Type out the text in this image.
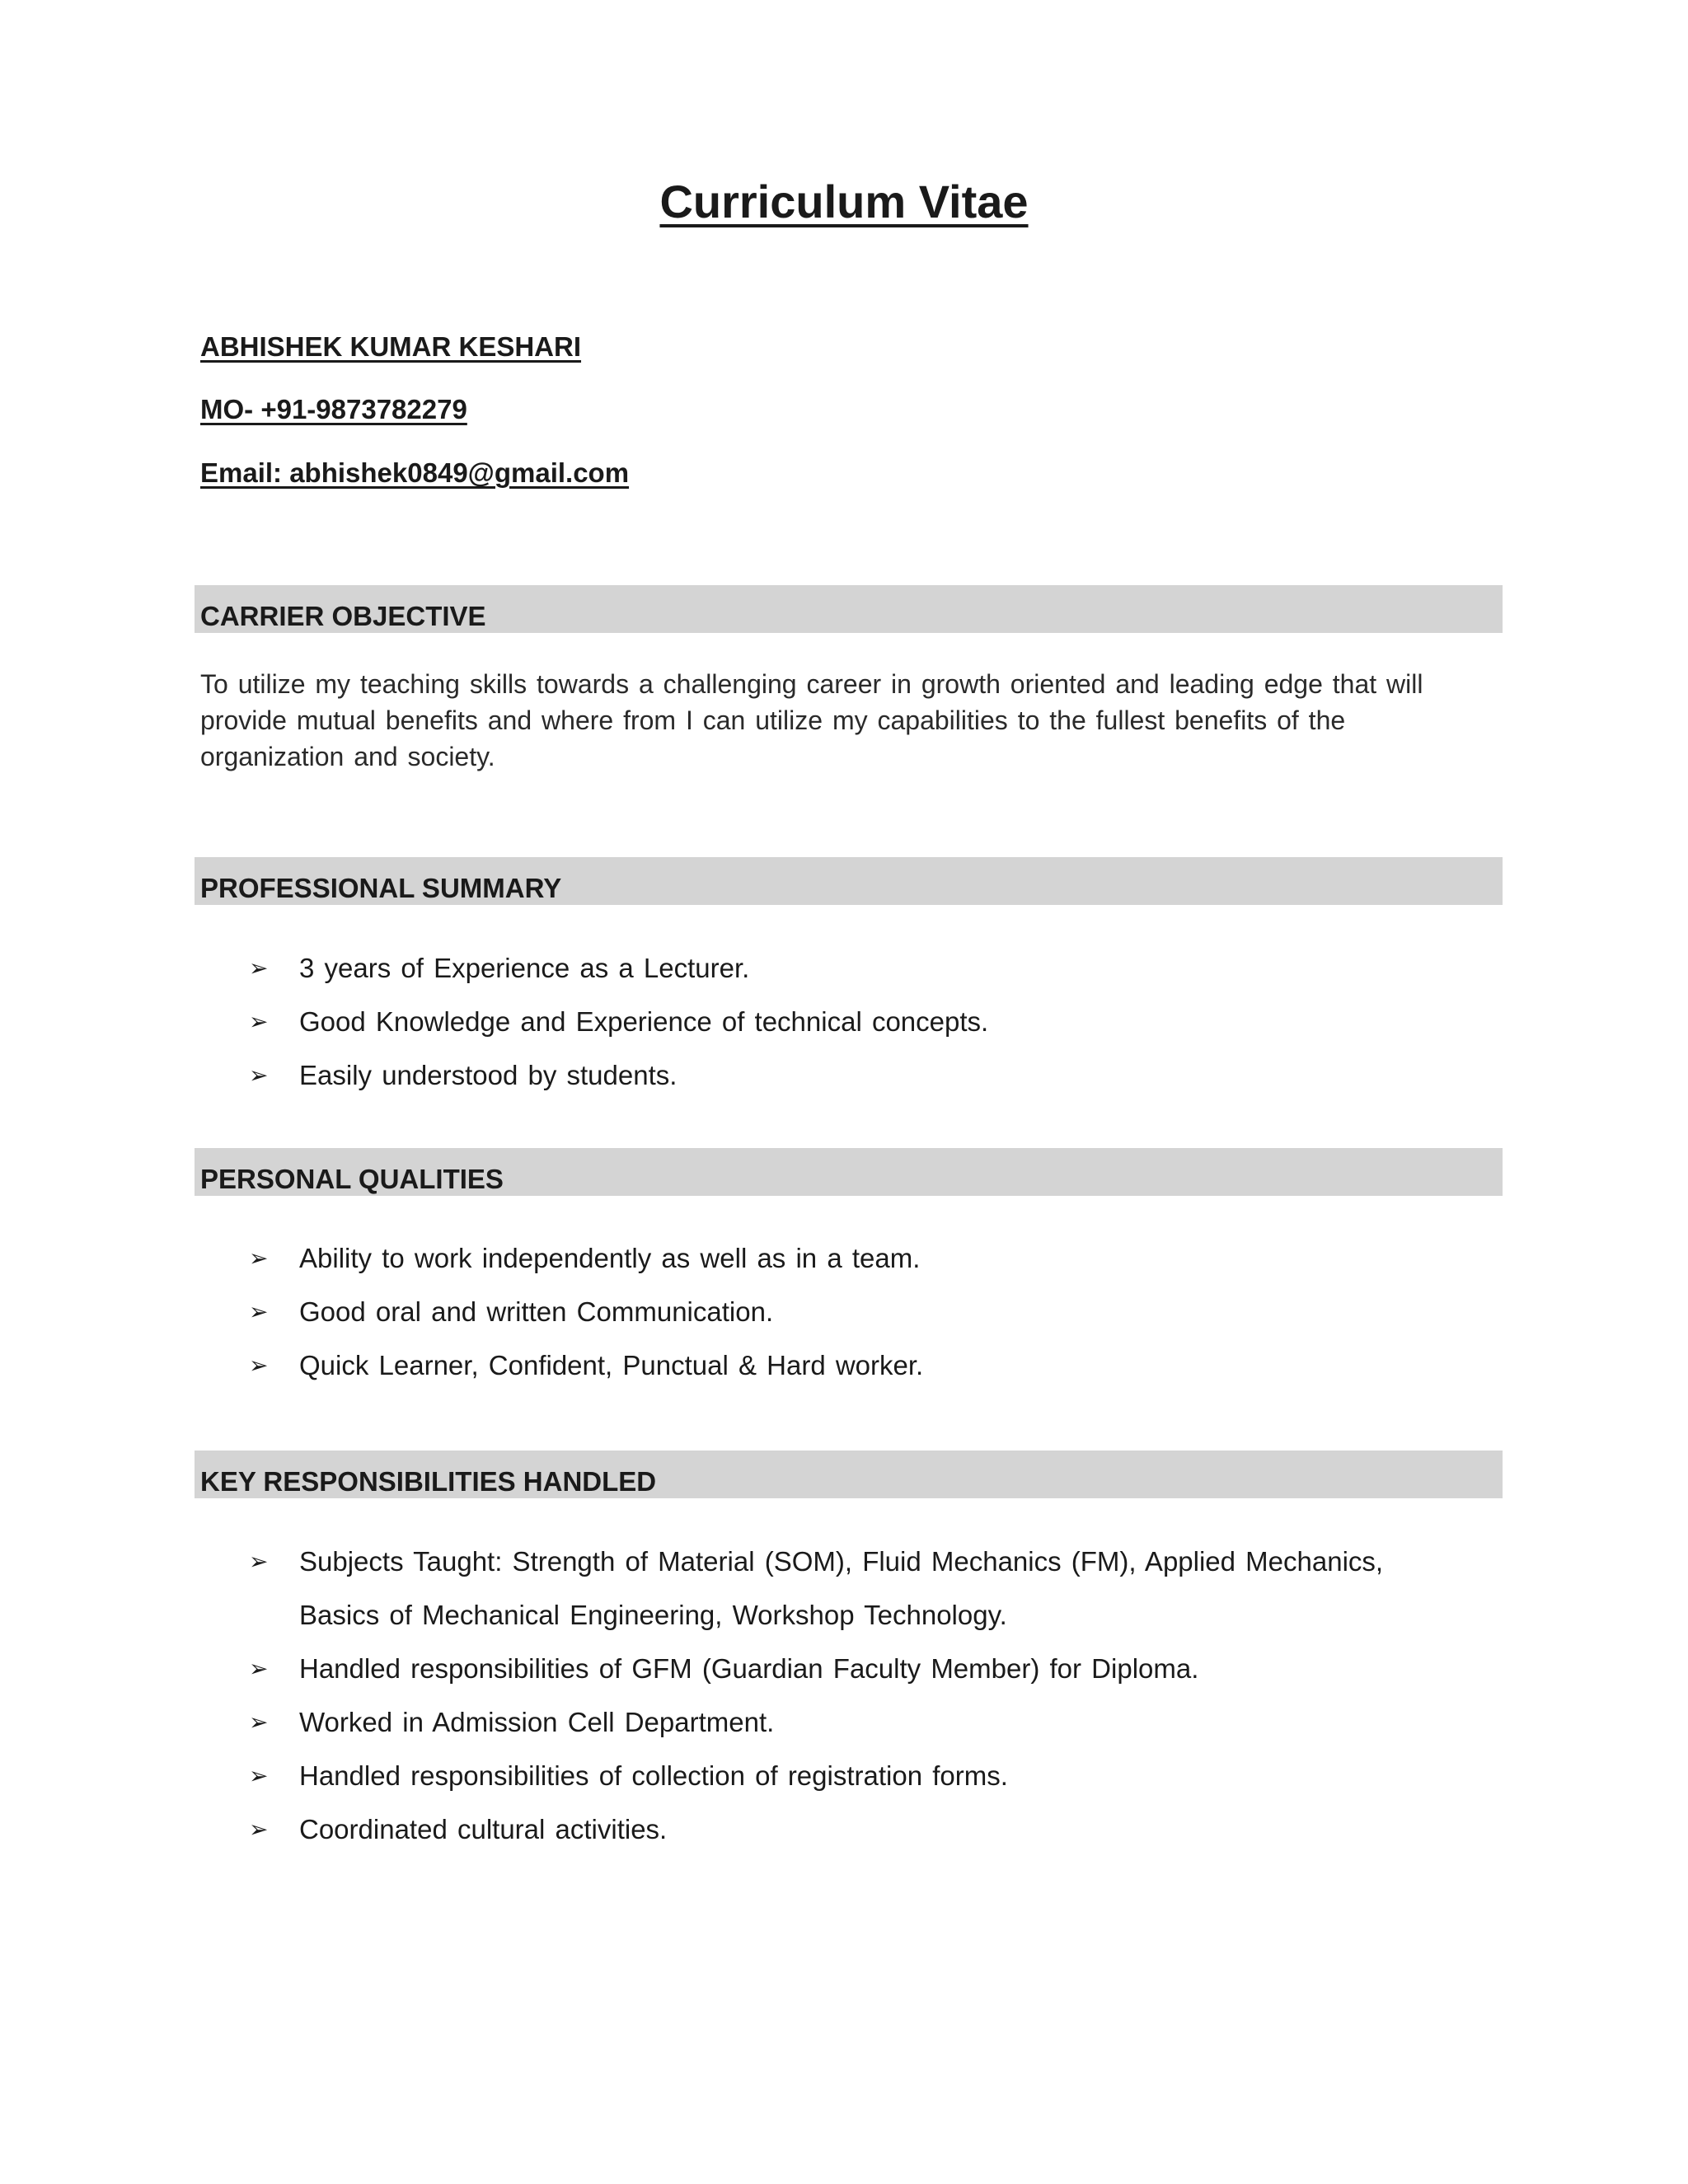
Curriculum Vitae
ABHISHEK KUMAR KESHARI
MO- +91-9873782279
Email: abhishek0849@gmail.com
CARRIER OBJECTIVE

To utilize my teaching skills towards a challenging career in growth oriented and leading edge that will provide mutual benefits and where from I can utilize my capabilities to the fullest benefits of the organization and society.

PROFESSIONAL SUMMARY
➢ 3 years of Experience as a Lecturer.
➢ Good Knowledge and Experience of technical concepts.
➢ Easily understood by students.
PERSONAL QUALITIES
➢ Ability to work independently as well as in a team.
➢ Good oral and written Communication.
➢ Quick Learner, Confident, Punctual & Hard worker.
KEY RESPONSIBILITIES HANDLED
➢ Subjects Taught: Strength of Material (SOM), Fluid Mechanics (FM), Applied Mechanics, Basics of Mechanical Engineering, Workshop Technology.
➢ Handled responsibilities of GFM (Guardian Faculty Member) for Diploma.
➢ Worked in Admission Cell Department.
➢ Handled responsibilities of collection of registration forms.
➢ Coordinated cultural activities.
